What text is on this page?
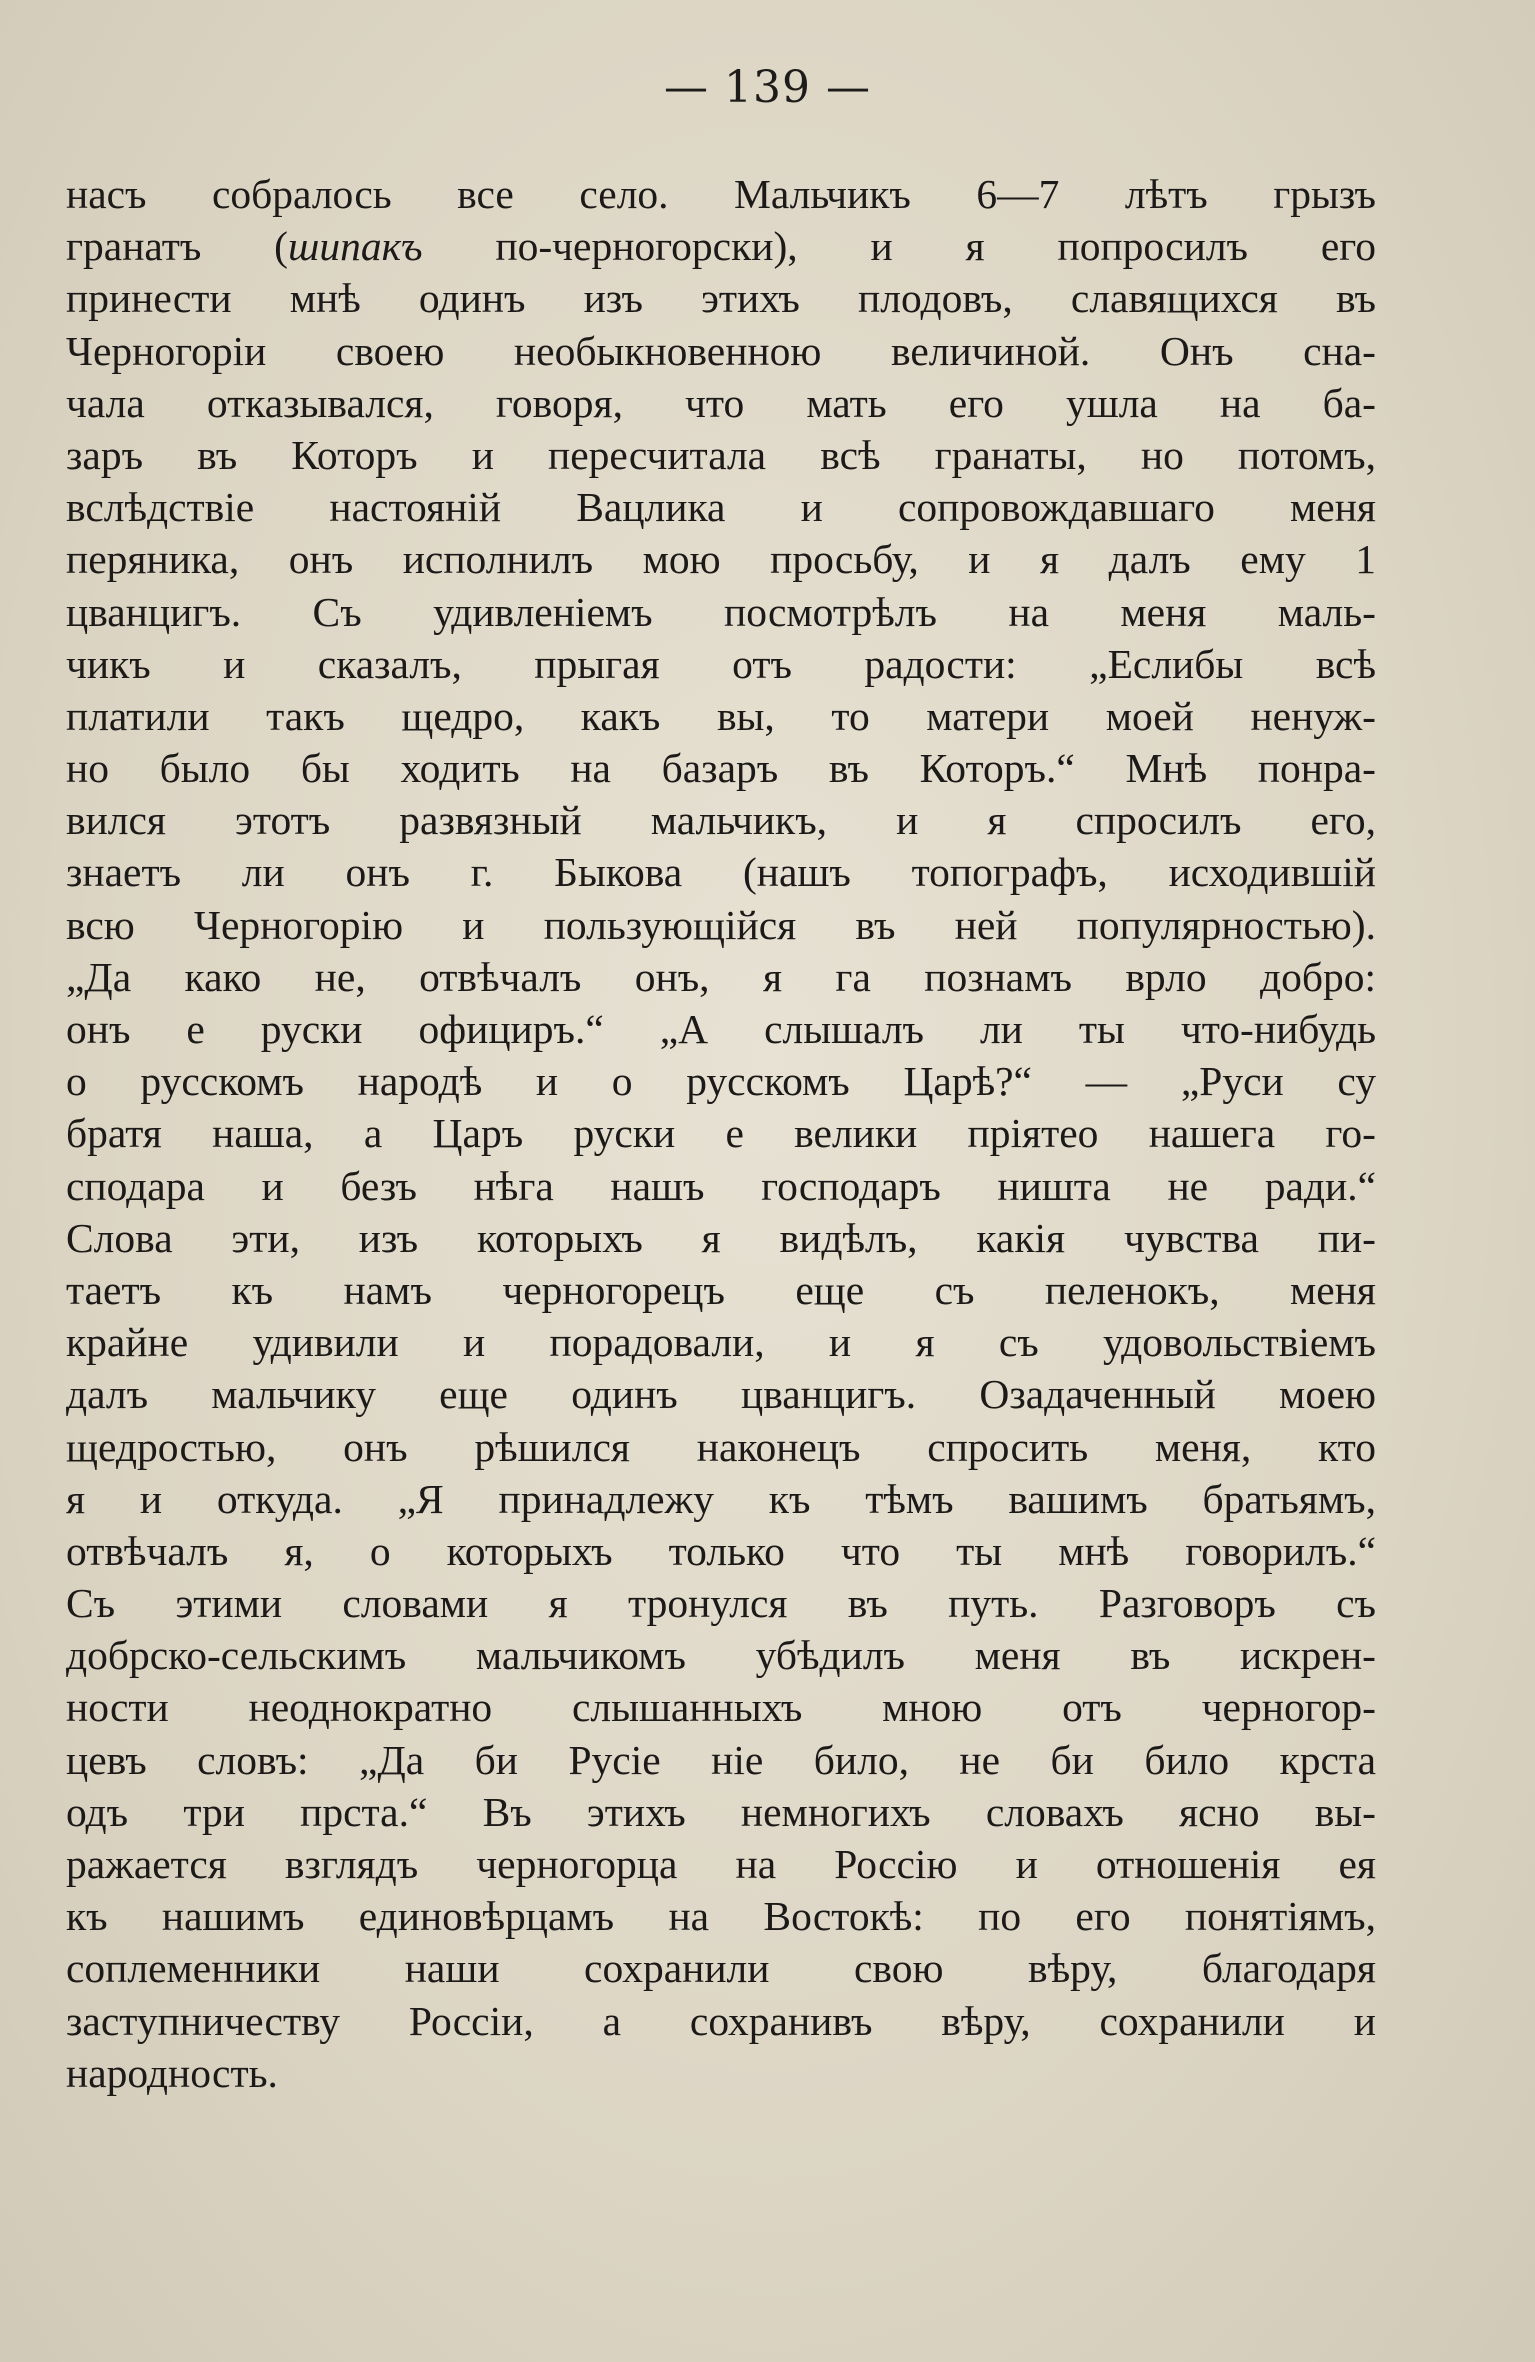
— 139 —
насъ собралось все село. Мальчикъ 6—7 лѣтъ грызъ
гранатъ (шипакъ по-черногорски), и я попросилъ его
принести мнѣ одинъ изъ этихъ плодовъ, славящихся въ
Черногоріи своею необыкновенною величиной. Онъ сна-
чала отказывался, говоря, что мать его ушла на ба-
заръ въ Которъ и пересчитала всѣ гранаты, но потомъ,
вслѣдствіе настояній Вацлика и сопровождавшаго меня
перяника, онъ исполнилъ мою просьбу, и я далъ ему 1
цванцигъ. Съ удивленіемъ посмотрѣлъ на меня маль-
чикъ и сказалъ, прыгая отъ радости: „Еслибы всѣ
платили такъ щедро, какъ вы, то матери моей ненуж-
но было бы ходить на базаръ въ Которъ.“ Мнѣ понра-
вился этотъ развязный мальчикъ, и я спросилъ его,
знаетъ ли онъ г. Быкова (нашъ топографъ, исходившій
всю Черногорію и пользующійся въ ней популярностью).
„Да како не, отвѣчалъ онъ, я га познамъ врло добро:
онъ е руски официръ.“ „А слышалъ ли ты что-нибудь
о русскомъ народѣ и о русскомъ Царѣ?“ — „Руси су
братя наша, а Царъ руски е велики пріятео нашега го-
сподара и безъ нѣга нашъ господаръ ништа не ради.“
Слова эти, изъ которыхъ я видѣлъ, какія чувства пи-
таетъ къ намъ черногорецъ еще съ пеленокъ, меня
крайне удивили и порадовали, и я съ удовольствіемъ
далъ мальчику еще одинъ цванцигъ. Озадаченный моею
щедростью, онъ рѣшился наконецъ спросить меня, кто
я и откуда. „Я принадлежу къ тѣмъ вашимъ братьямъ,
отвѣчалъ я, о которыхъ только что ты мнѣ говорилъ.“
Съ этими словами я тронулся въ путь. Разговоръ съ
добрско-сельскимъ мальчикомъ убѣдилъ меня въ искрен-
ности неоднократно слышанныхъ мною отъ черногор-
цевъ словъ: „Да би Русіе ніе било, не би било крста
одъ три прста.“ Въ этихъ немногихъ словахъ ясно вы-
ражается взглядъ черногорца на Россію и отношенія ея
къ нашимъ единовѣрцамъ на Востокѣ: по его понятіямъ,
соплеменники наши сохранили свою вѣру, благодаря
заступничеству Россіи, а сохранивъ вѣру, сохранили и
народность.
